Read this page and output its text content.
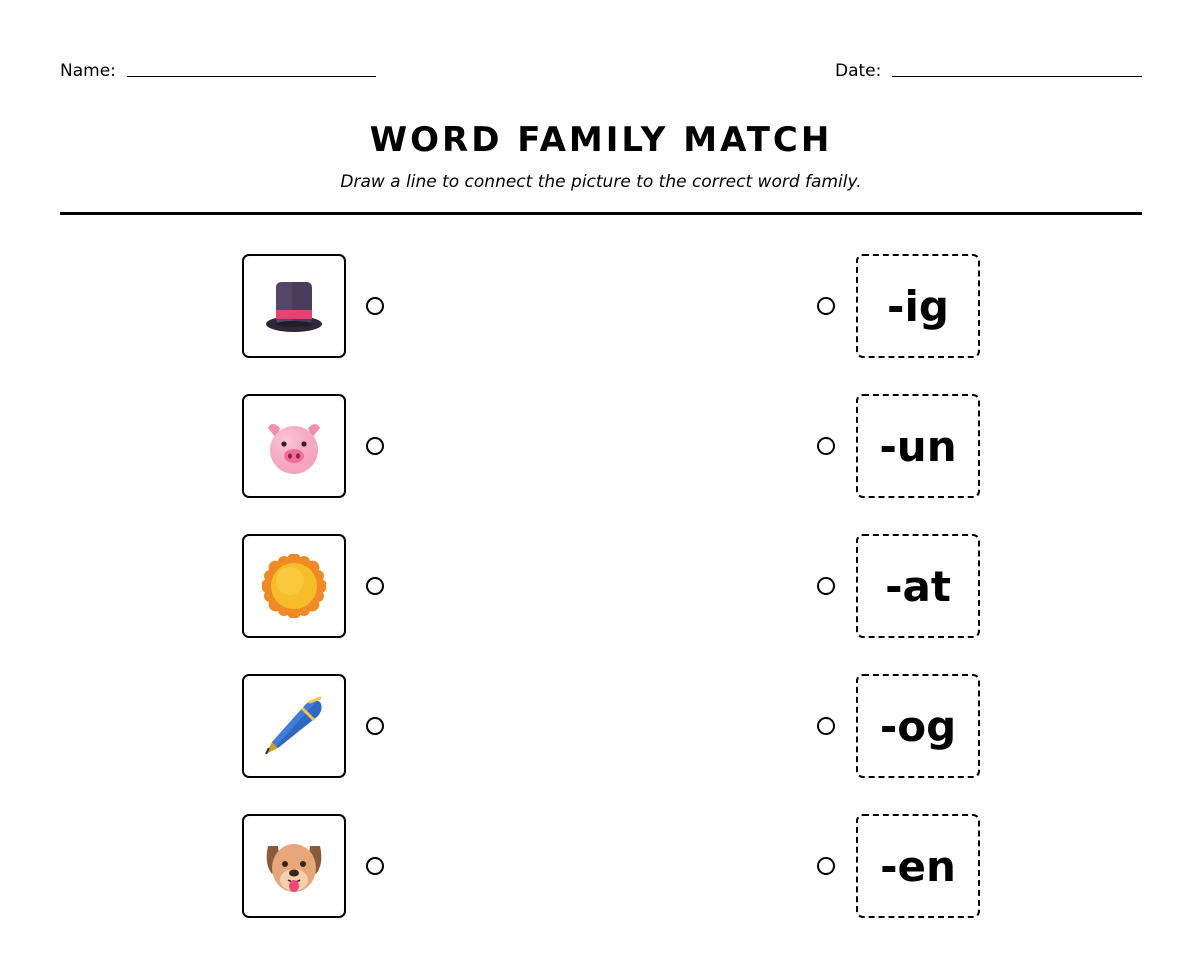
Name:	Date:
WORD FAMILY MATCH
Draw a line to connect the picture to the correct word family.
-ig
-un
-at
-og
-en
